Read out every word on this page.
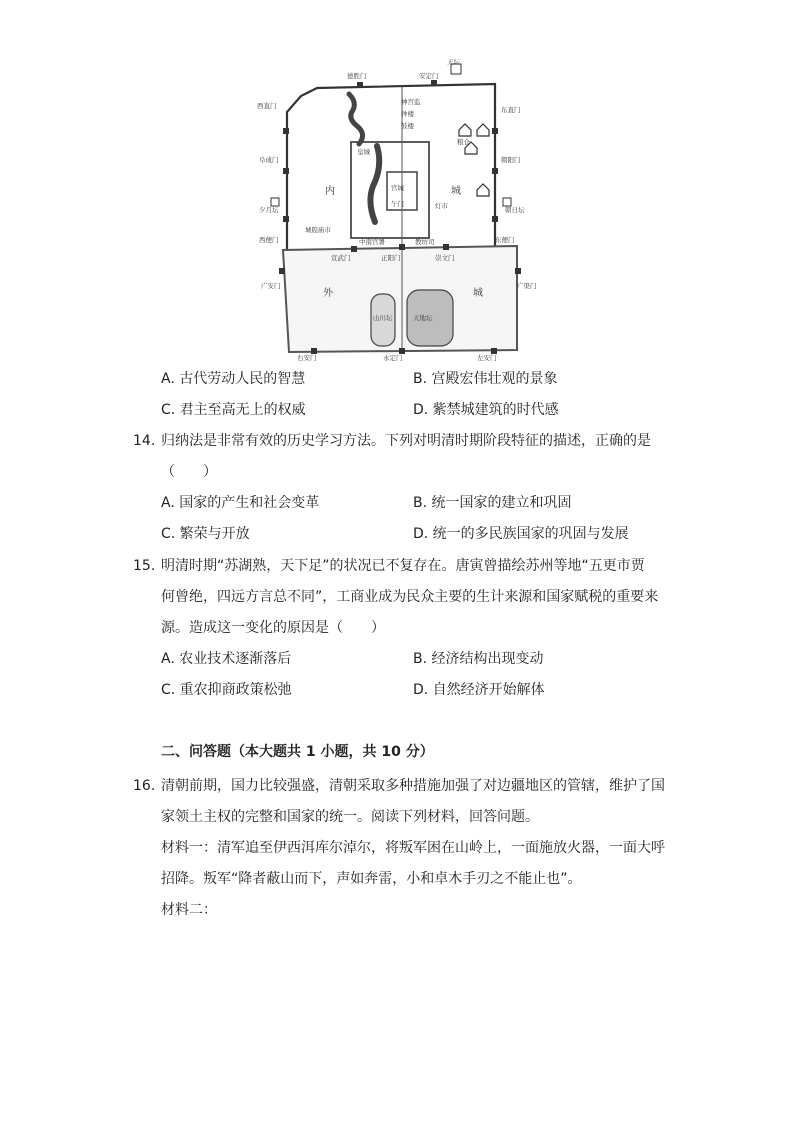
天坛
安定门
德胜门
西直门
阜成门
夕月坛
西便门
东直门
朝阳门
朝日坛
东便门
广渠门
广安门
皇城
宫城
午门	灯市
城隍庙市
神宫监
钟楼
鼓楼
粮仓
中南官署	教坊司
宣武门	正阳门	崇文门
山川坛	天地坛
右安门	永定门	左安门
内	城
外	城
A. 古代劳动人民的智慧	B. 宫殿宏伟壮观的景象
C. 君主至高无上的权威	D. 紫禁城建筑的时代感
14. 归纳法是非常有效的历史学习方法。下列对明清时期阶段特征的描述，正确的是
（　　）
A. 国家的产生和社会变革	B. 统一国家的建立和巩固
C. 繁荣与开放	D. 统一的多民族国家的巩固与发展
15. 明清时期“苏湖熟，天下足”的状况已不复存在。唐寅曾描绘苏州等地“五更市贾
何曾绝，四远方言总不同”，工商业成为民众主要的生计来源和国家赋税的重要来
源。造成这一变化的原因是（　　）
A. 农业技术逐渐落后	B. 经济结构出现变动
C. 重农抑商政策松弛	D. 自然经济开始解体
二、问答题（本大题共 1 小题，共 10 分）
16. 清朝前期，国力比较强盛，清朝采取多种措施加强了对边疆地区的管辖，维护了国
家领土主权的完整和国家的统一。阅读下列材料，回答问题。
材料一：清军追至伊西洱库尔淖尔，将叛军困在山岭上，一面施放火器，一面大呼
招降。叛军“降者蔽山而下，声如奔雷，小和卓木手刃之不能止也”。
材料二：
